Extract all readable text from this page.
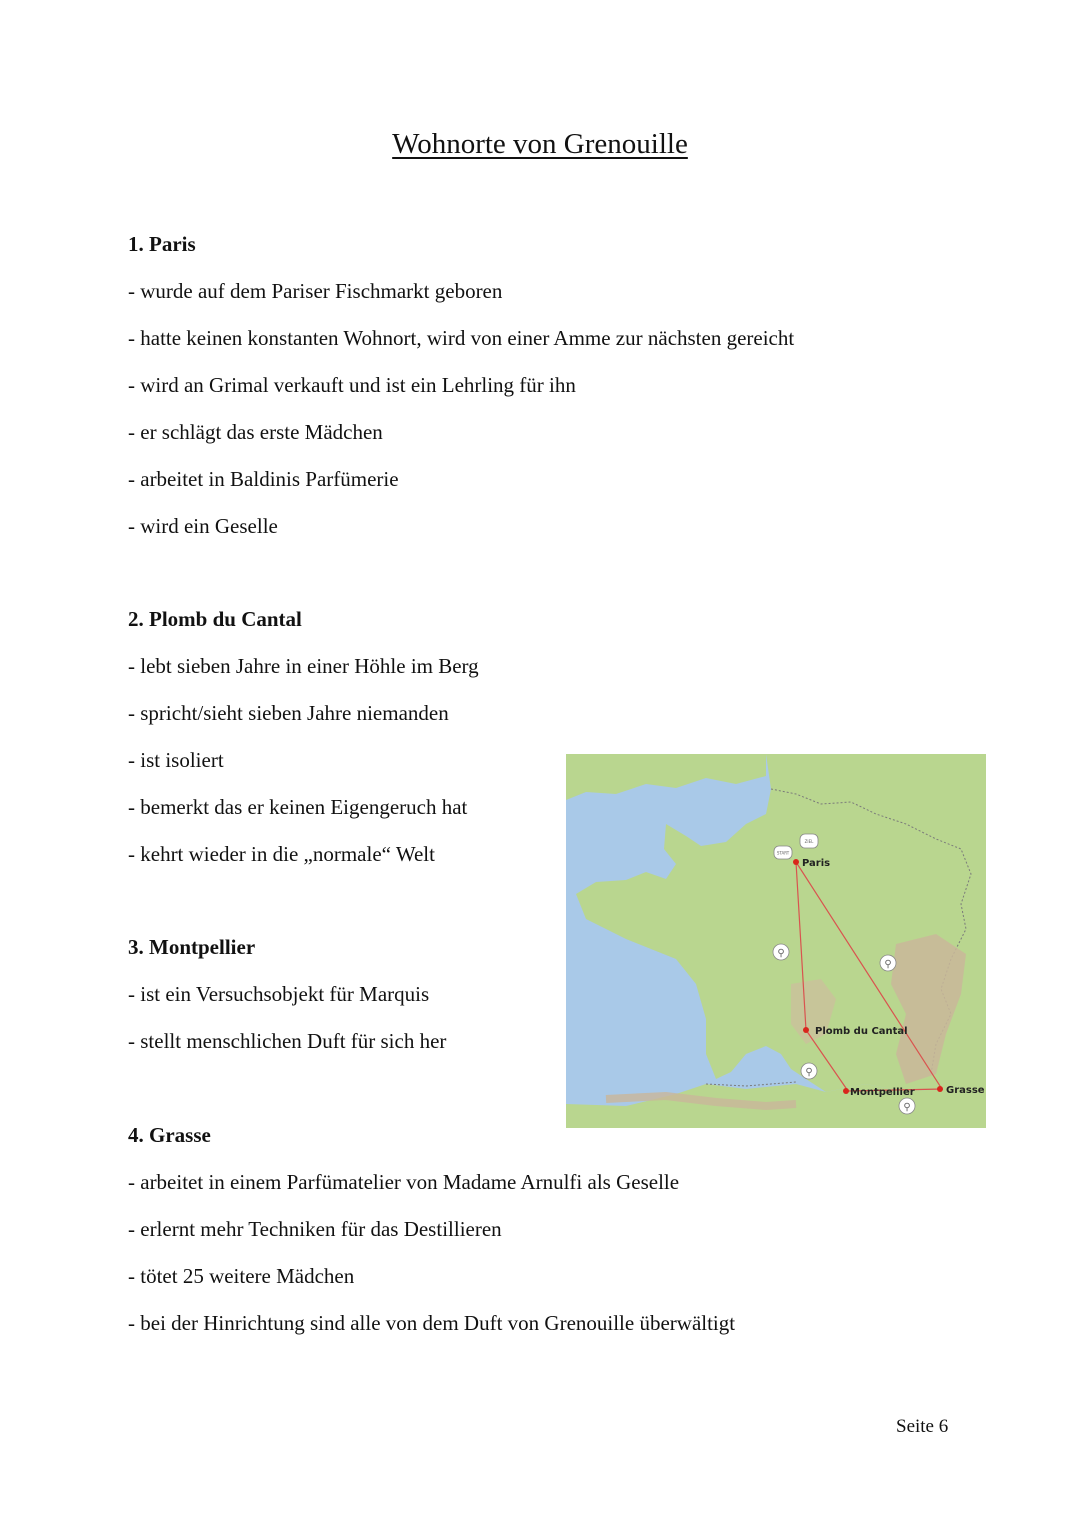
Wohnorte von Grenouille
1. Paris
- wurde auf dem Pariser Fischmarkt geboren
- hatte keinen konstanten Wohnort, wird von einer Amme zur nächsten gereicht
- wird an Grimal verkauft und ist ein Lehrling für ihn
- er schlägt das erste Mädchen
- arbeitet in Baldinis Parfümerie
- wird ein Geselle
2. Plomb du Cantal
- lebt sieben Jahre in einer Höhle im Berg
- spricht/sieht sieben Jahre niemanden
- ist isoliert
- bemerkt das er keinen Eigengeruch hat
- kehrt wieder in die „normale“ Welt
3. Montpellier
- ist ein Versuchsobjekt für Marquis
- stellt menschlichen Duft für sich her
4. Grasse
- arbeitet in einem Parfümatelier von Madame Arnulfi als Geselle
- erlernt mehr Techniken für das Destillieren
- tötet 25 weitere Mädchen
- bei der Hinrichtung sind alle von dem Duft von Grenouille überwältigt
START
ZIEL
⚲
⚲
⚲
⚲
Paris
Plomb du Cantal
Montpellier	Grasse
Seite 6
